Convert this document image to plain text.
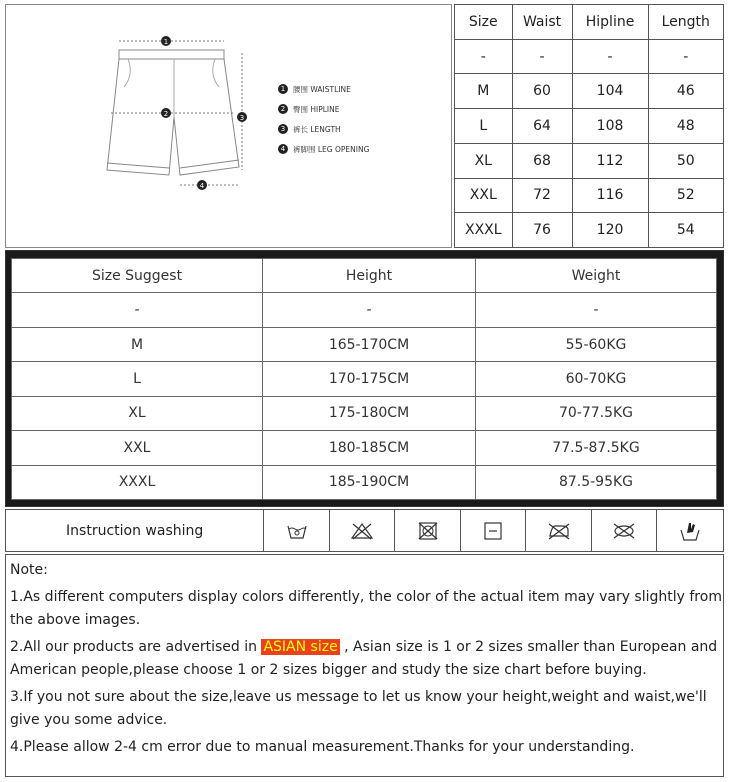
1
2	3
4
1	腰围 WAISTLINE
2	臀围 HIPLINE
3	裤长 LENGTH
4	裤脚围 LEG OPENING
Size	Waist	Hipline	Length
-	-	-	-
M	60	104	46
L	64	108	48
XL	68	112	50
XXL	72	116	52
XXXL	76	120	54
Size Suggest	Height	Weight
-	-	-
M	165-170CM	55-60KG
L	170-175CM	60-70KG
XL	175-180CM	70-77.5KG
XXL	180-185CM	77.5-87.5KG
XXXL	185-190CM	87.5-95KG
Instruction washing

Note:

1.As different computers display colors differently, the color of the actual item may vary slightly from the above images.

2.All our products are advertised in ASIAN size , Asian size is 1 or 2 sizes smaller than European and

American people,please choose 1 or 2 sizes bigger and study the size chart before buying.

3.If you not sure about the size,leave us message to let us know your height,weight and waist,we'll give you some advice.

4.Please allow 2-4 cm error due to manual measurement.Thanks for your understanding.
